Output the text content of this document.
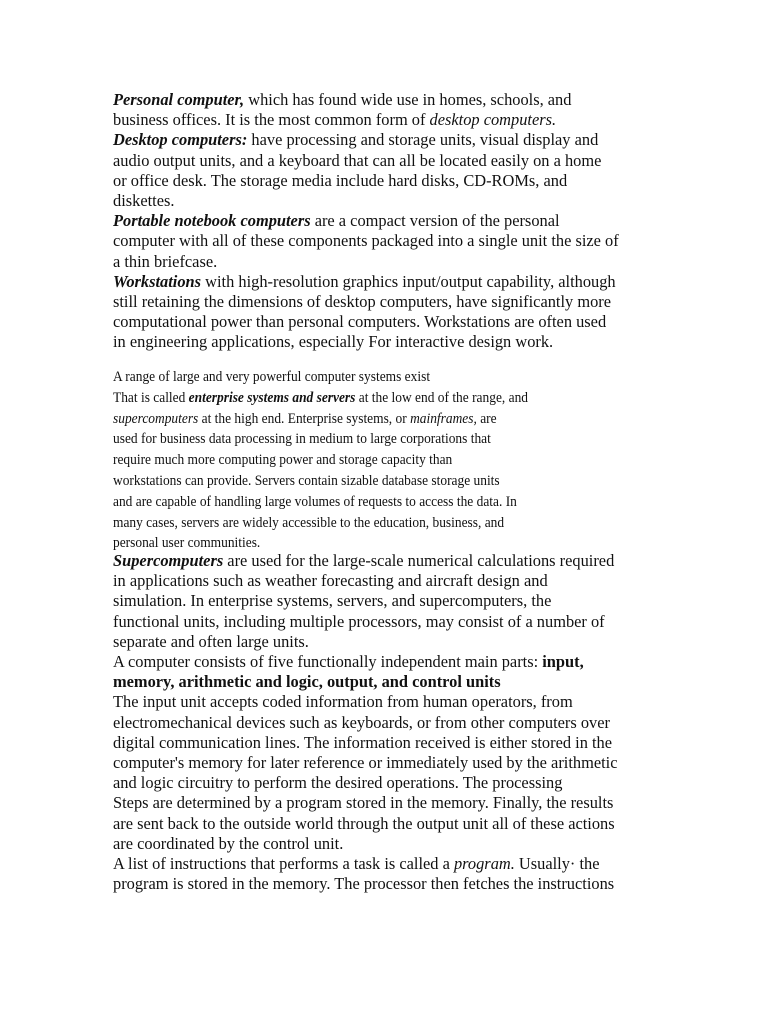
Personal computer, which has found wide use in homes, schools, and
business offices. It is the most common form of desktop computers.
Desktop computers: have processing and storage units, visual display and
audio output units, and a keyboard that can all be located easily on a home
or office desk. The storage media include hard disks, CD-ROMs, and
diskettes.
Portable notebook computers are a compact version of the personal
computer with all of these components packaged into a single unit the size of
a thin briefcase.
Workstations with high-resolution graphics input/output capability, although
still retaining the dimensions of desktop computers, have significantly more
computational power than personal computers. Workstations are often used
in engineering applications, especially For interactive design work.
A range of large and very powerful computer systems exist
That is called enterprise systems and servers at the low end of the range, and
supercomputers at the high end. Enterprise systems, or mainframes, are
used for business data processing in medium to large corporations that
require much more computing power and storage capacity than
workstations can provide. Servers contain sizable database storage units
and are capable of handling large volumes of requests to access the data. In
many cases, servers are widely accessible to the education, business, and
personal user communities.
Supercomputers are used for the large-scale numerical calculations required
in applications such as weather forecasting and aircraft design and
simulation. In enterprise systems, servers, and supercomputers, the
functional units, including multiple processors, may consist of a number of
separate and often large units.
A computer consists of five functionally independent main parts: input,
memory, arithmetic and logic, output, and control units
The input unit accepts coded information from human operators, from
electromechanical devices such as keyboards, or from other computers over
digital communication lines. The information received is either stored in the
computer's memory for later reference or immediately used by the arithmetic
and logic circuitry to perform the desired operations. The processing
Steps are determined by a program stored in the memory. Finally, the results
are sent back to the outside world through the output unit all of these actions
are coordinated by the control unit.
A list of instructions that performs a task is called a program. Usually· the
program is stored in the memory. The processor then fetches the instructions
